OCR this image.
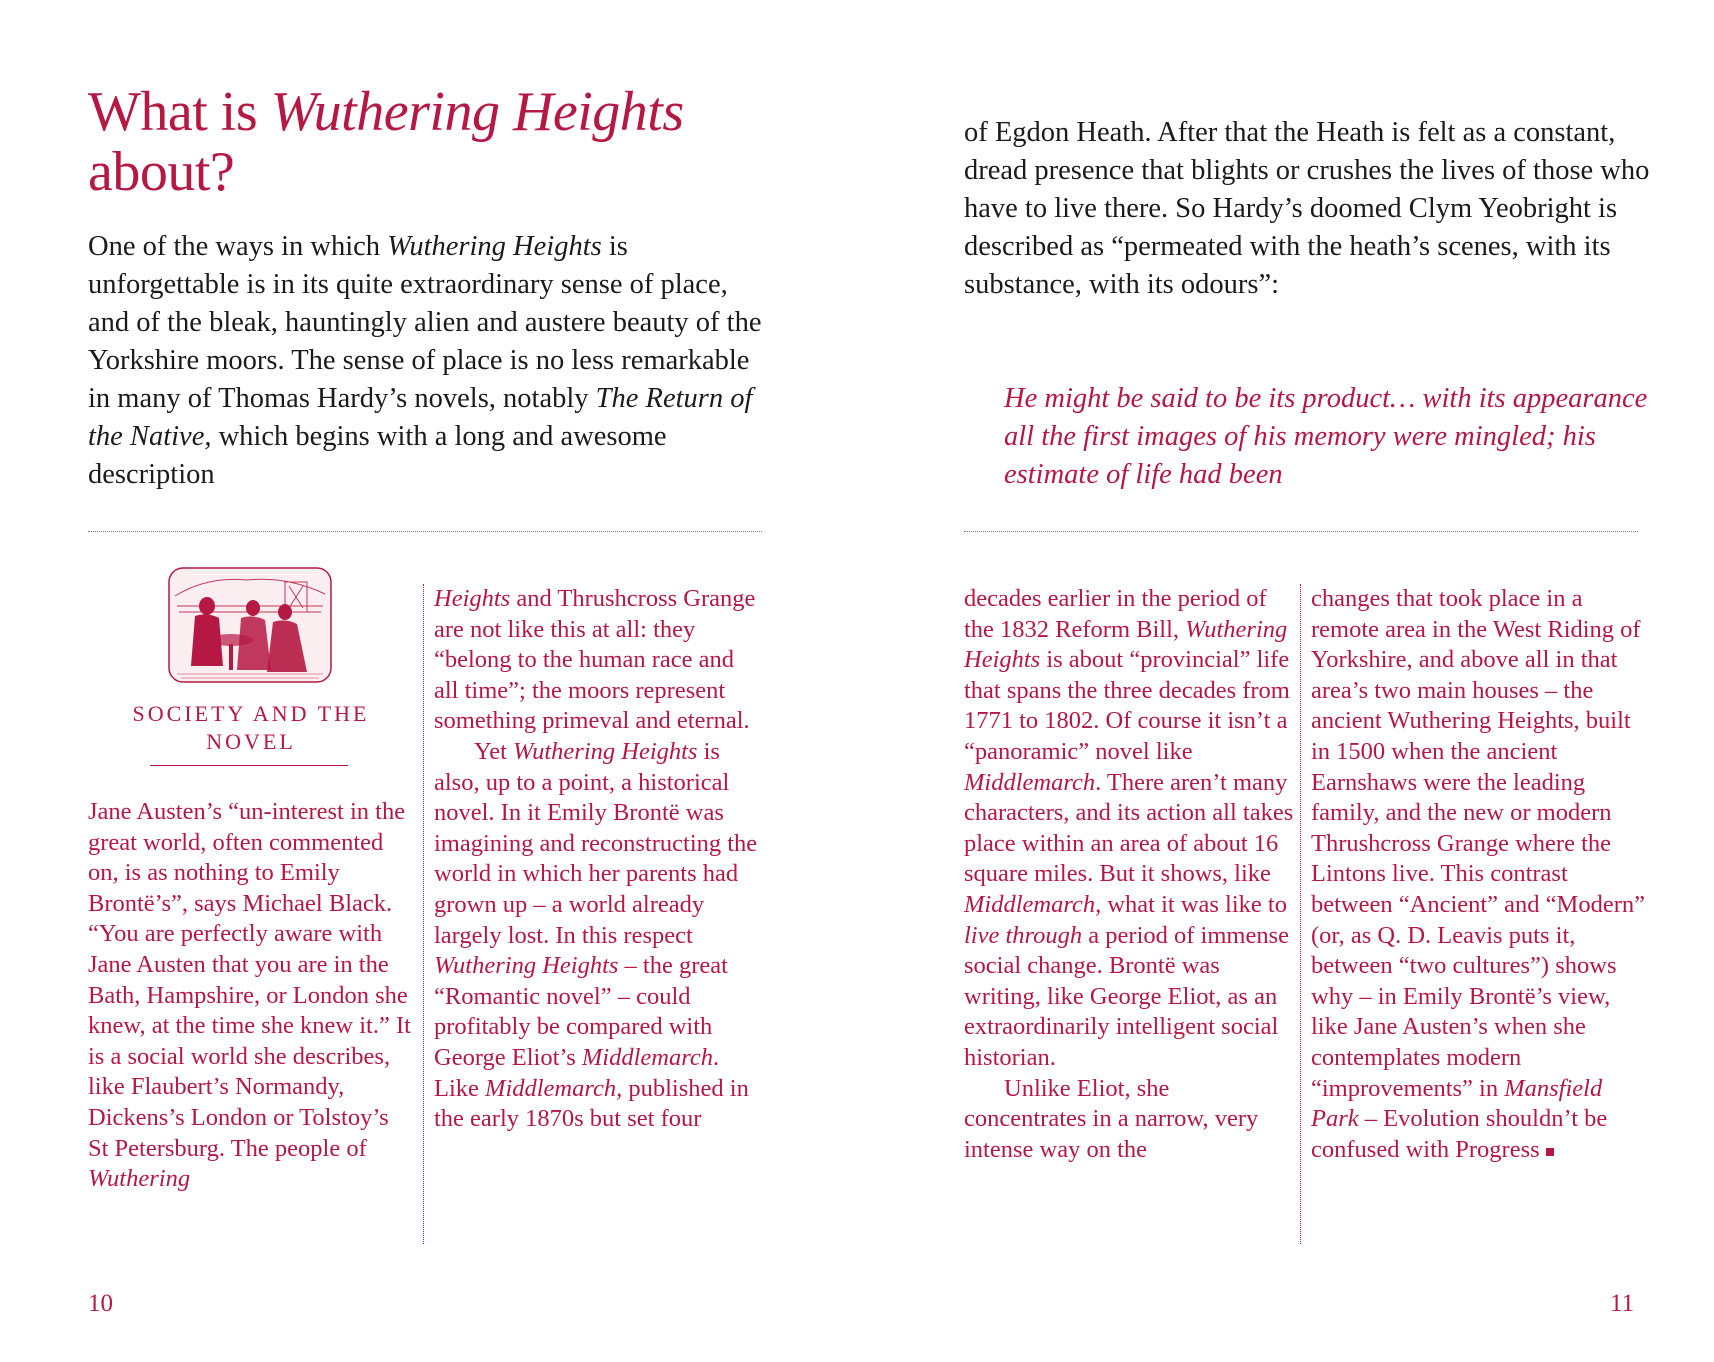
What is Wuthering Heights
about?

One of the ways in which Wuthering Heights is unforgettable is in its quite extraordinary sense of place, and of the bleak, hauntingly alien and austere beauty of the Yorkshire moors. The sense of place is no less remarkable in many of Thomas Hardy’s novels, notably The Return of the Native, which begins with a long and awesome description

SOCIETY AND THE NOVEL

Jane Austen’s “un-interest in the great world, often commented on, is as nothing to Emily Brontë’s”, says Michael Black. “You are perfectly aware with Jane Austen that you are in the Bath, Hampshire, or London she knew, at the time she knew it.” It is a social world she describes, like Flaubert’s Normandy, Dickens’s London or Tolstoy’s St Petersburg. The people of Wuthering

Heights and Thrushcross Grange are not like this at all: they “belong to the human race and all time”; the moors represent something primeval and eternal.

Yet Wuthering Heights is also, up to a point, a historical novel. In it Emily Brontë was imagining and reconstructing the world in which her parents had grown up – a world already largely lost. In this respect Wuthering Heights – the great “Romantic novel” – could profitably be compared with George Eliot’s Middlemarch. Like Middlemarch, published in the early 1870s but set four

10

of Egdon Heath. After that the Heath is felt as a constant, dread presence that blights or crushes the lives of those who have to live there. So Hardy’s doomed Clym Yeobright is described as “permeated with the heath’s scenes, with its substance, with its odours”:

He might be said to be its product… with its appearance all the first images of his memory were mingled; his estimate of life had been

decades earlier in the period of the 1832 Reform Bill, Wuthering Heights is about “provincial” life that spans the three decades from 1771 to 1802. Of course it isn’t a “panoramic” novel like Middlemarch. There aren’t many characters, and its action all takes place within an area of about 16 square miles. But it shows, like Middlemarch, what it was like to live through a period of immense social change. Brontë was writing, like George Eliot, as an extraordinarily intelligent social historian.

Unlike Eliot, she concentrates in a narrow, very intense way on the

changes that took place in a remote area in the West Riding of Yorkshire, and above all in that area’s two main houses – the ancient Wuthering Heights, built in 1500 when the ancient Earnshaws were the leading family, and the new or modern Thrushcross Grange where the Lintons live. This contrast between “Ancient” and “Modern” (or, as Q. D. Leavis puts it, between “two cultures”) shows why – in Emily Brontë’s view, like Jane Austen’s when she contemplates modern “improvements” in Mansfield Park – Evolution shouldn’t be confused with Progress

11
